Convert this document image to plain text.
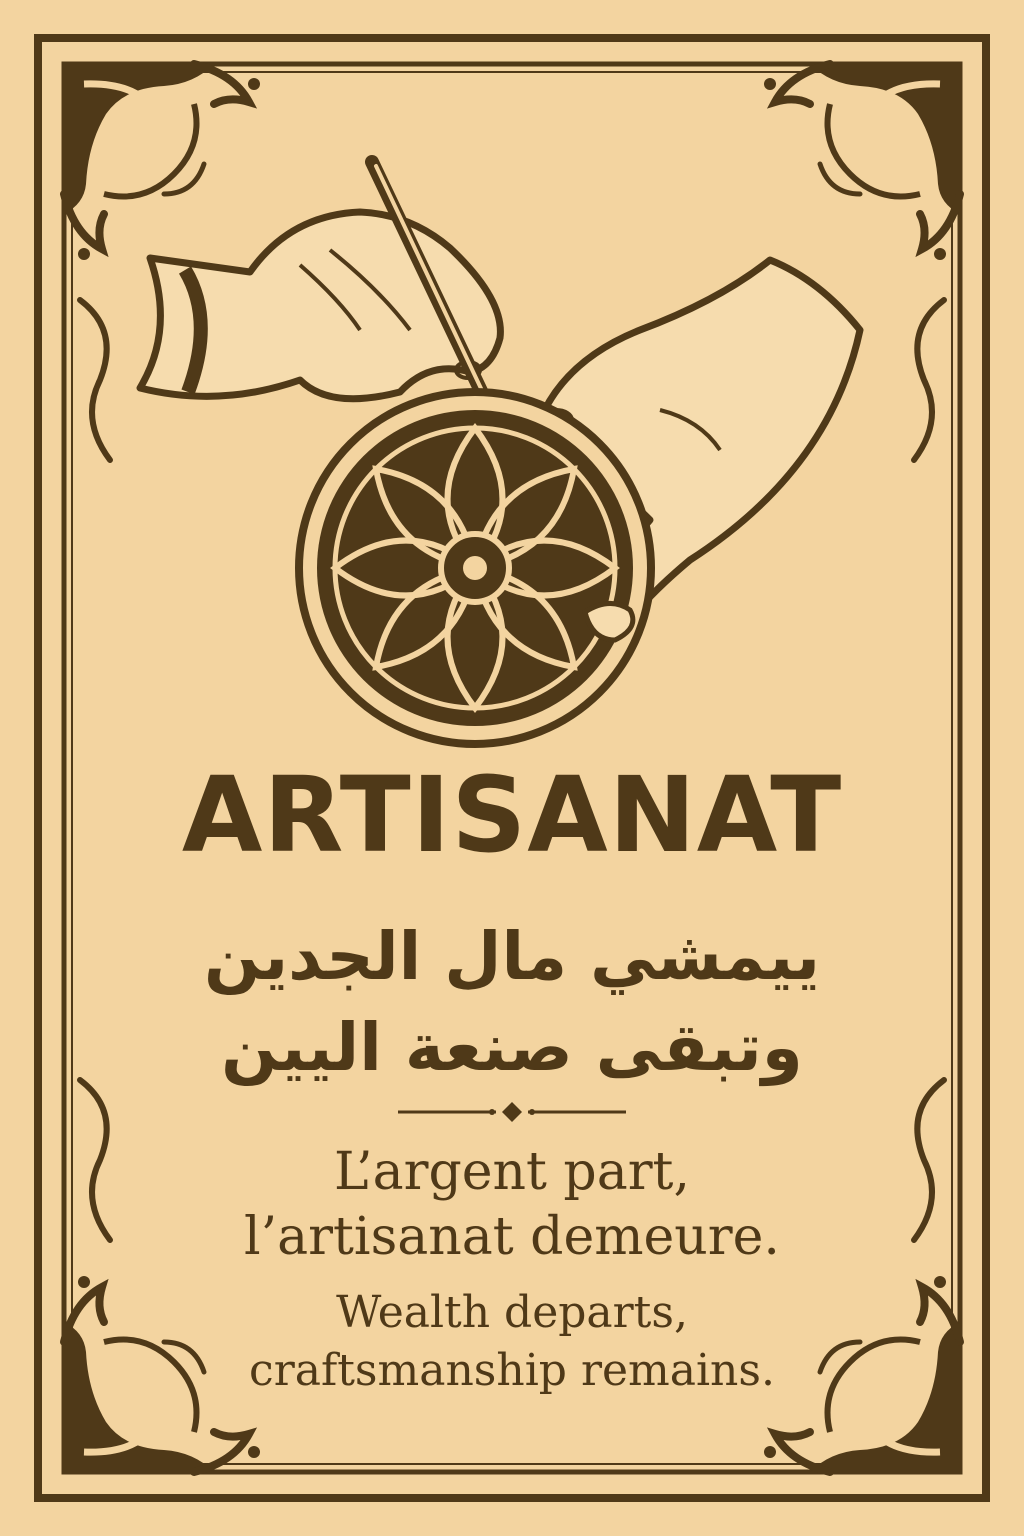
ARTISANAT

ييمشي مال الجدين

وتبقى صنعة اليين

L’argent part,

l’artisanat demeure.

Wealth departs,

craftsmanship remains.
